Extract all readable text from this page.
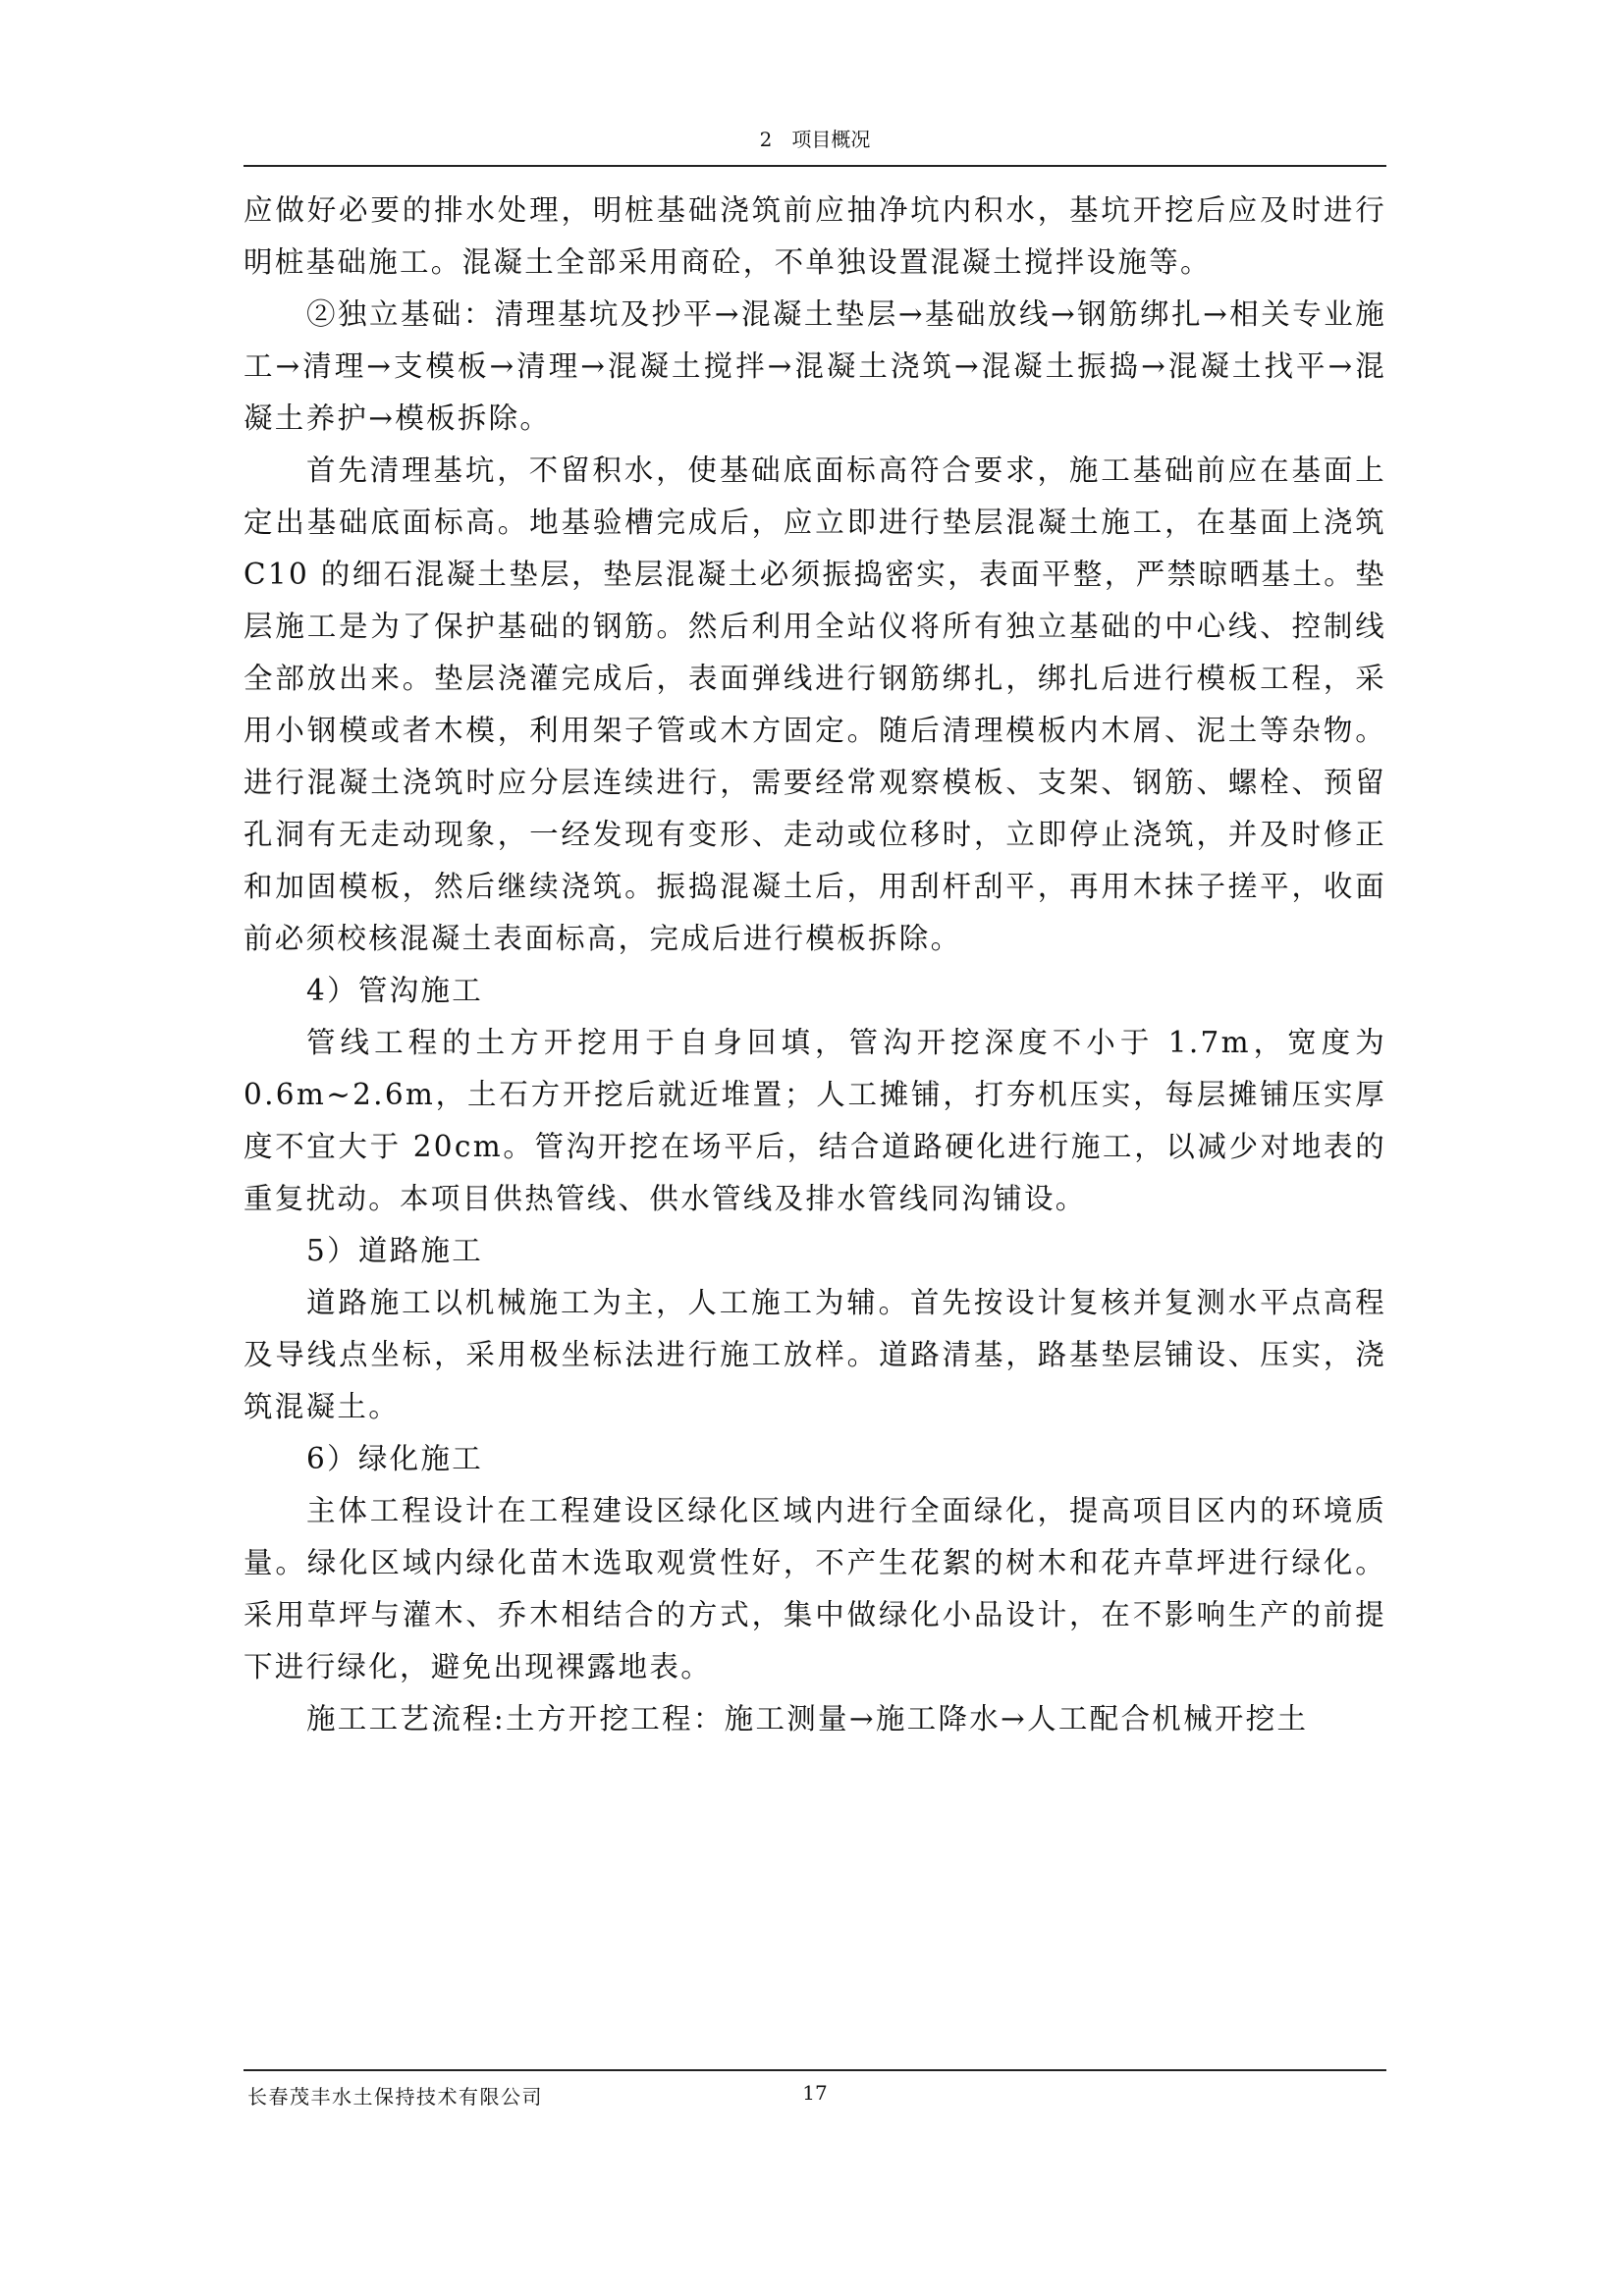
2　项目概况

应做好必要的排水处理，明桩基础浇筑前应抽净坑内积水，基坑开挖后应及时进行明桩基础施工。混凝土全部采用商砼，不单独设置混凝土搅拌设施等。

②独立基础：清理基坑及抄平→混凝土垫层→基础放线→钢筋绑扎→相关专业施工→清理→支模板→清理→混凝土搅拌→混凝土浇筑→混凝土振捣→混凝土找平→混凝土养护→模板拆除。

首先清理基坑，不留积水，使基础底面标高符合要求，施工基础前应在基面上定出基础底面标高。地基验槽完成后，应立即进行垫层混凝土施工，在基面上浇筑 C10 的细石混凝土垫层，垫层混凝土必须振捣密实，表面平整，严禁晾晒基土。垫层施工是为了保护基础的钢筋。然后利用全站仪将所有独立基础的中心线、控制线全部放出来。垫层浇灌完成后，表面弹线进行钢筋绑扎，绑扎后进行模板工程，采用小钢模或者木模，利用架子管或木方固定。随后清理模板内木屑、泥土等杂物。进行混凝土浇筑时应分层连续进行，需要经常观察模板、支架、钢筋、螺栓、预留孔洞有无走动现象，一经发现有变形、走动或位移时，立即停止浇筑，并及时修正和加固模板，然后继续浇筑。振捣混凝土后，用刮杆刮平，再用木抹子搓平，收面前必须校核混凝土表面标高，完成后进行模板拆除。

4）管沟施工

管线工程的土方开挖用于自身回填，管沟开挖深度不小于 1.7m，宽度为0.6m~2.6m，土石方开挖后就近堆置；人工摊铺，打夯机压实，每层摊铺压实厚度不宜大于 20cm。管沟开挖在场平后，结合道路硬化进行施工，以减少对地表的重复扰动。本项目供热管线、供水管线及排水管线同沟铺设。

5）道路施工

道路施工以机械施工为主，人工施工为辅。首先按设计复核并复测水平点高程及导线点坐标，采用极坐标法进行施工放样。道路清基，路基垫层铺设、压实，浇筑混凝土。

6）绿化施工

主体工程设计在工程建设区绿化区域内进行全面绿化，提高项目区内的环境质量。绿化区域内绿化苗木选取观赏性好，不产生花絮的树木和花卉草坪进行绿化。采用草坪与灌木、乔木相结合的方式，集中做绿化小品设计，在不影响生产的前提下进行绿化，避免出现裸露地表。

施工工艺流程:土方开挖工程：施工测量→施工降水→人工配合机械开挖土

长春茂丰水土保持技术有限公司	17
